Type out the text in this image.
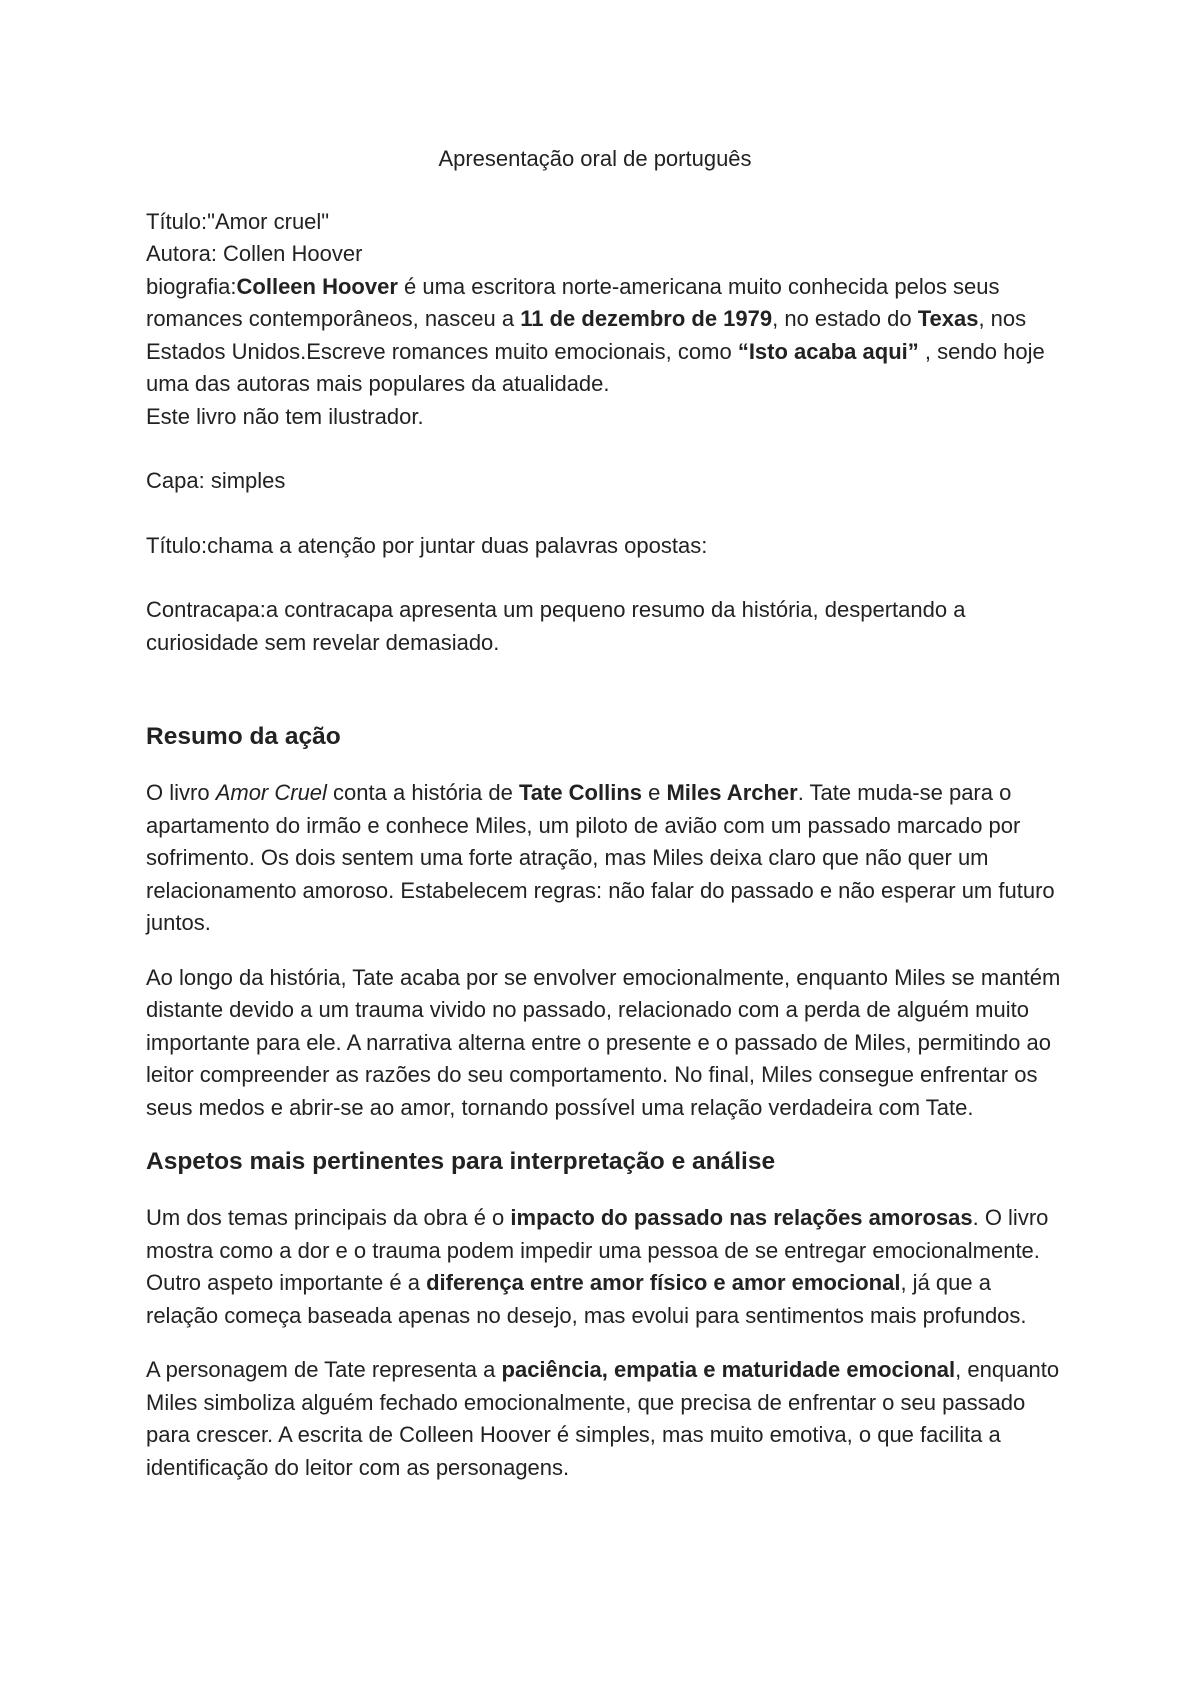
Apresentação oral de português

Título:"Amor cruel"

Autora: Collen Hoover

biografia:Colleen Hoover é uma escritora norte-americana muito conhecida pelos seus romances contemporâneos, nasceu a 11 de dezembro de 1979, no estado do Texas, nos Estados Unidos.Escreve romances muito emocionais, como “Isto acaba aqui” , sendo hoje uma das autoras mais populares da atualidade.

Este livro não tem ilustrador.

Capa: simples

Título:chama a atenção por juntar duas palavras opostas:

Contracapa:a contracapa apresenta um pequeno resumo da história, despertando a curiosidade sem revelar demasiado.

Resumo da ação

O livro Amor Cruel conta a história de Tate Collins e Miles Archer. Tate muda-se para o apartamento do irmão e conhece Miles, um piloto de avião com um passado marcado por sofrimento. Os dois sentem uma forte atração, mas Miles deixa claro que não quer um relacionamento amoroso. Estabelecem regras: não falar do passado e não esperar um futuro juntos.

Ao longo da história, Tate acaba por se envolver emocionalmente, enquanto Miles se mantém distante devido a um trauma vivido no passado, relacionado com a perda de alguém muito importante para ele. A narrativa alterna entre o presente e o passado de Miles, permitindo ao leitor compreender as razões do seu comportamento. No final, Miles consegue enfrentar os seus medos e abrir-se ao amor, tornando possível uma relação verdadeira com Tate.

Aspetos mais pertinentes para interpretação e análise

Um dos temas principais da obra é o impacto do passado nas relações amorosas. O livro mostra como a dor e o trauma podem impedir uma pessoa de se entregar emocionalmente. Outro aspeto importante é a diferença entre amor físico e amor emocional, já que a relação começa baseada apenas no desejo, mas evolui para sentimentos mais profundos.

A personagem de Tate representa a paciência, empatia e maturidade emocional, enquanto Miles simboliza alguém fechado emocionalmente, que precisa de enfrentar o seu passado para crescer. A escrita de Colleen Hoover é simples, mas muito emotiva, o que facilita a identificação do leitor com as personagens.
